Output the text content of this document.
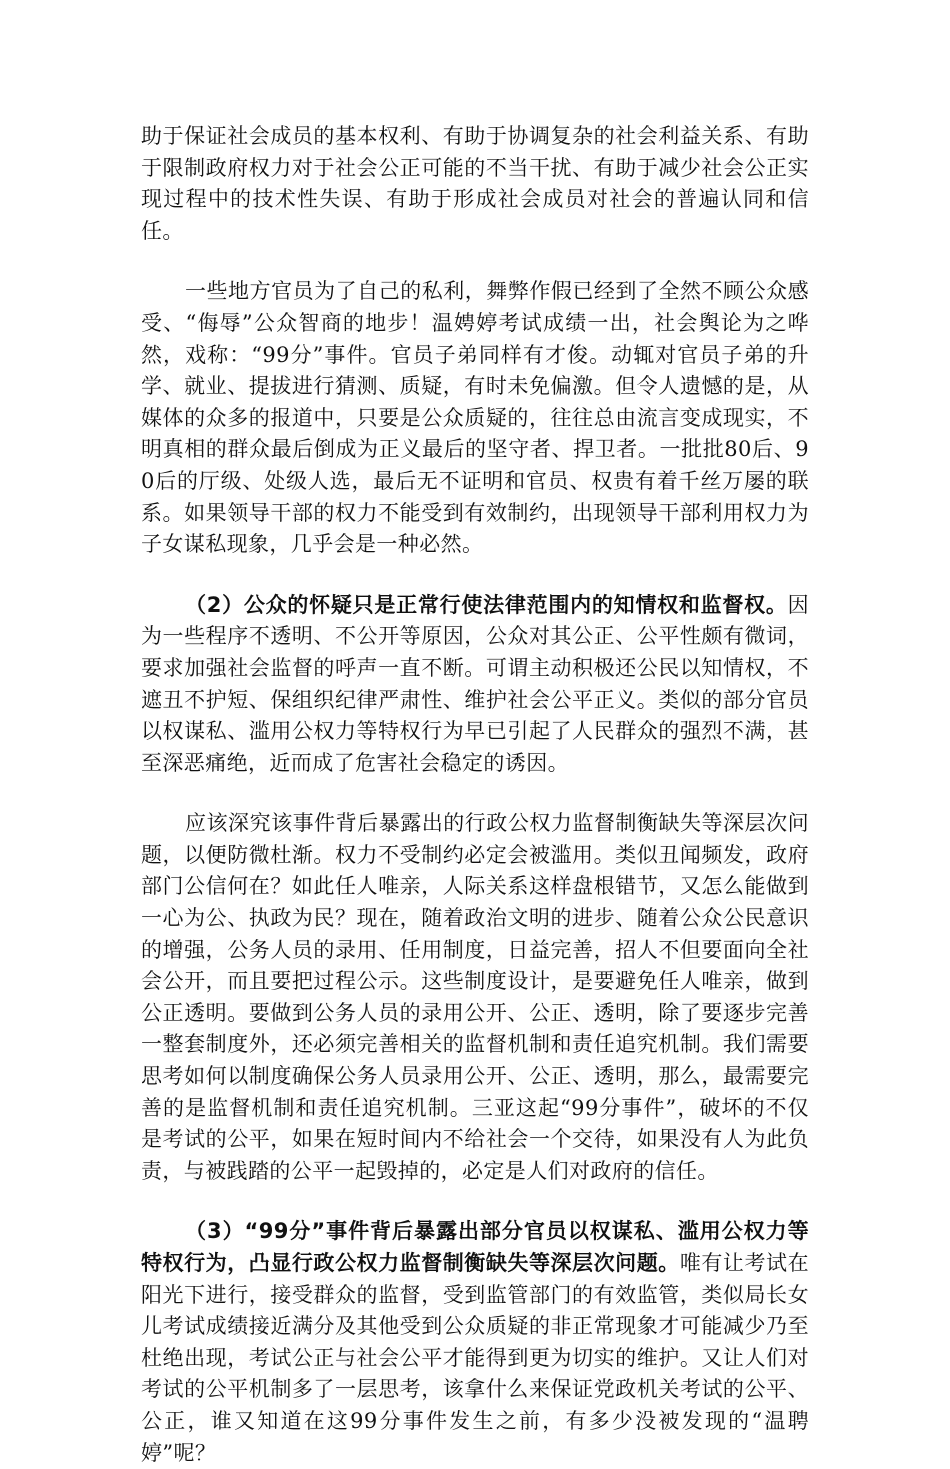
助于保证社会成员的基本权利、有助于协调复杂的社会利益关系、有助于限制政府权力对于社会公正可能的不当干扰、有助于减少社会公正实现过程中的技术性失误、有助于形成社会成员对社会的普遍认同和信任。

一些地方官员为了自己的私利，舞弊作假已经到了全然不顾公众感受、“侮辱”公众智商的地步！温娉婷考试成绩一出，社会舆论为之哗然，戏称：“99分”事件。官员子弟同样有才俊。动辄对官员子弟的升学、就业、提拔进行猜测、质疑，有时未免偏激。但令人遗憾的是，从媒体的众多的报道中，只要是公众质疑的，往往总由流言变成现实，不明真相的群众最后倒成为正义最后的坚守者、捍卫者。一批批80后、90后的厅级、处级人选，最后无不证明和官员、权贵有着千丝万屡的联系。如果领导干部的权力不能受到有效制约，出现领导干部利用权力为子女谋私现象，几乎会是一种必然。

（2）公众的怀疑只是正常行使法律范围内的知情权和监督权。因为一些程序不透明、不公开等原因，公众对其公正、公平性颇有微词，要求加强社会监督的呼声一直不断。可谓主动积极还公民以知情权，不遮丑不护短、保组织纪律严肃性、维护社会公平正义。类似的部分官员以权谋私、滥用公权力等特权行为早已引起了人民群众的强烈不满，甚至深恶痛绝，近而成了危害社会稳定的诱因。

应该深究该事件背后暴露出的行政公权力监督制衡缺失等深层次问题，以便防微杜渐。权力不受制约必定会被滥用。类似丑闻频发，政府部门公信何在？如此任人唯亲，人际关系这样盘根错节，又怎么能做到一心为公、执政为民？现在，随着政治文明的进步、随着公众公民意识的增强，公务人员的录用、任用制度，日益完善，招人不但要面向全社会公开，而且要把过程公示。这些制度设计，是要避免任人唯亲，做到公正透明。要做到公务人员的录用公开、公正、透明，除了要逐步完善一整套制度外，还必须完善相关的监督机制和责任追究机制。我们需要思考如何以制度确保公务人员录用公开、公正、透明，那么，最需要完善的是监督机制和责任追究机制。三亚这起“99分事件”，破坏的不仅是考试的公平，如果在短时间内不给社会一个交待，如果没有人为此负责，与被践踏的公平一起毁掉的，必定是人们对政府的信任。

（3）“99分”事件背后暴露出部分官员以权谋私、滥用公权力等特权行为，凸显行政公权力监督制衡缺失等深层次问题。唯有让考试在阳光下进行，接受群众的监督，受到监管部门的有效监管，类似局长女儿考试成绩接近满分及其他受到公众质疑的非正常现象才可能减少乃至杜绝出现，考试公正与社会公平才能得到更为切实的维护。又让人们对考试的公平机制多了一层思考，该拿什么来保证党政机关考试的公平、公正，谁又知道在这99分事件发生之前，有多少没被发现的“温聘婷”呢？
